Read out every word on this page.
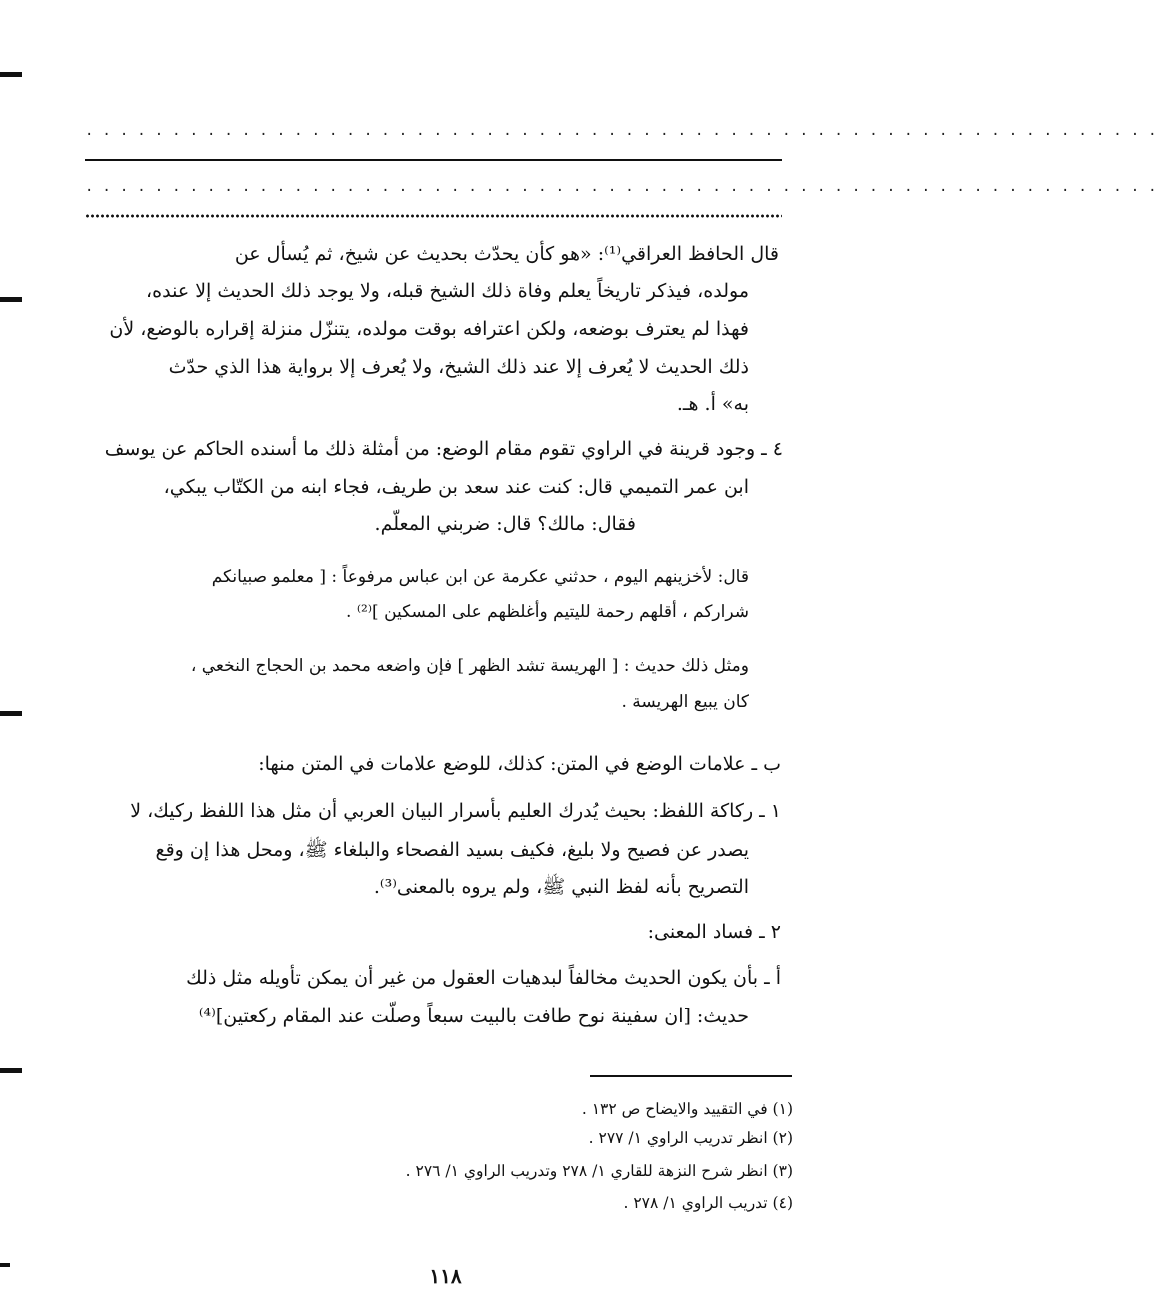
..............................................................
..............................................................
قال الحافظ العراقي⁽¹⁾: «هو كأن يحدّث بحديث عن شيخ، ثم يُسأل عن
مولده، فيذكر تاريخاً يعلم وفاة ذلك الشيخ قبله، ولا يوجد ذلك الحديث إلا عنده،
فهذا لم يعترف بوضعه، ولكن اعترافه بوقت مولده، يتنزّل منزلة إقراره بالوضع، لأن
ذلك الحديث لا يُعرف إلا عند ذلك الشيخ، ولا يُعرف إلا برواية هذا الذي حدّث
به» أ. هـ.
٤ ـ وجود قرينة في الراوي تقوم مقام الوضع: من أمثلة ذلك ما أسنده الحاكم عن يوسف
ابن عمر التميمي قال: كنت عند سعد بن طريف، فجاء ابنه من الكتّاب يبكي،
فقال: مالك؟ قال: ضربني المعلّم.
قال: لأخزينهم اليوم ، حدثني عكرمة عن ابن عباس مرفوعاً : [ معلمو صبيانكم
شراركم ، أقلهم رحمة لليتيم وأغلظهم على المسكين ]⁽²⁾ .
ومثل ذلك حديث : [ الهريسة تشد الظهر ] فإن واضعه محمد بن الحجاج النخعي ،
كان يبيع الهريسة .
ب ـ علامات الوضع في المتن: كذلك، للوضع علامات في المتن منها:
١ ـ ركاكة اللفظ: بحيث يُدرك العليم بأسرار البيان العربي أن مثل هذا اللفظ ركيك، لا
يصدر عن فصيح ولا بليغ، فكيف بسيد الفصحاء والبلغاء ﷺ، ومحل هذا إن وقع
التصريح بأنه لفظ النبي ﷺ، ولم يروه بالمعنى⁽³⁾.
٢ ـ فساد المعنى:
أ ـ بأن يكون الحديث مخالفاً لبدهيات العقول من غير أن يمكن تأويله مثل ذلك
حديث: [ان سفينة نوح طافت بالبيت سبعاً وصلّت عند المقام ركعتين]⁽⁴⁾
(١) في التقييد والايضاح ص ١٣٢ .
(٢) انظر تدريب الراوي ١/ ٢٧٧ .
(٣) انظر شرح النزهة للقاري ١/ ٢٧٨ وتدريب الراوي ١/ ٢٧٦ .
(٤) تدريب الراوي ١/ ٢٧٨ .
١١٨
